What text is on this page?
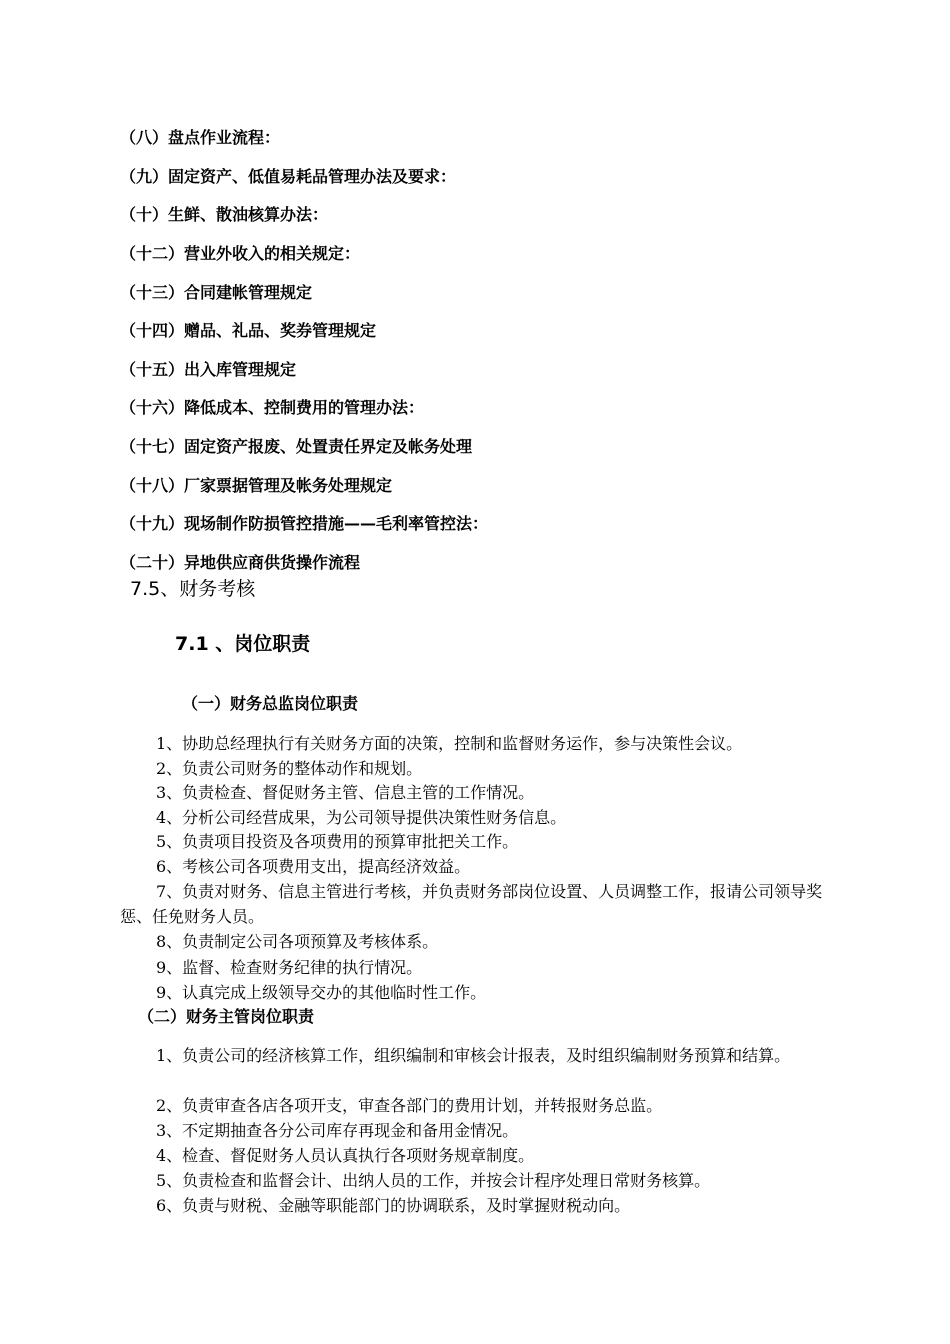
（八）盘点作业流程：
（九）固定资产、低值易耗品管理办法及要求：
（十）生鲜、散油核算办法：
（十二）营业外收入的相关规定：
（十三）合同建帐管理规定
（十四）赠品、礼品、奖券管理规定
（十五）出入库管理规定
（十六）降低成本、控制费用的管理办法：
（十七）固定资产报废、处置责任界定及帐务处理
（十八）厂家票据管理及帐务处理规定
（十九）现场制作防损管控措施——毛利率管控法：
（二十）异地供应商供货操作流程
7.5、财务考核
7.1 、岗位职责
（一）财务总监岗位职责
1、协助总经理执行有关财务方面的决策，控制和监督财务运作，参与决策性会议。
2、负责公司财务的整体动作和规划。
3、负责检查、督促财务主管、信息主管的工作情况。
4、分析公司经营成果，为公司领导提供决策性财务信息。
5、负责项目投资及各项费用的预算审批把关工作。
6、考核公司各项费用支出，提高经济效益。
7、负责对财务、信息主管进行考核，并负责财务部岗位设置、人员调整工作，报请公司领导奖惩、任免财务人员。
8、负责制定公司各项预算及考核体系。
9、监督、检查财务纪律的执行情况。
9、认真完成上级领导交办的其他临时性工作。
（二）财务主管岗位职责
1、负责公司的经济核算工作，组织编制和审核会计报表，及时组织编制财务预算和结算。
2、负责审查各店各项开支，审查各部门的费用计划，并转报财务总监。
3、不定期抽查各分公司库存再现金和备用金情况。
4、检查、督促财务人员认真执行各项财务规章制度。
5、负责检查和监督会计、出纳人员的工作，并按会计程序处理日常财务核算。
6、负责与财税、金融等职能部门的协调联系，及时掌握财税动向。
